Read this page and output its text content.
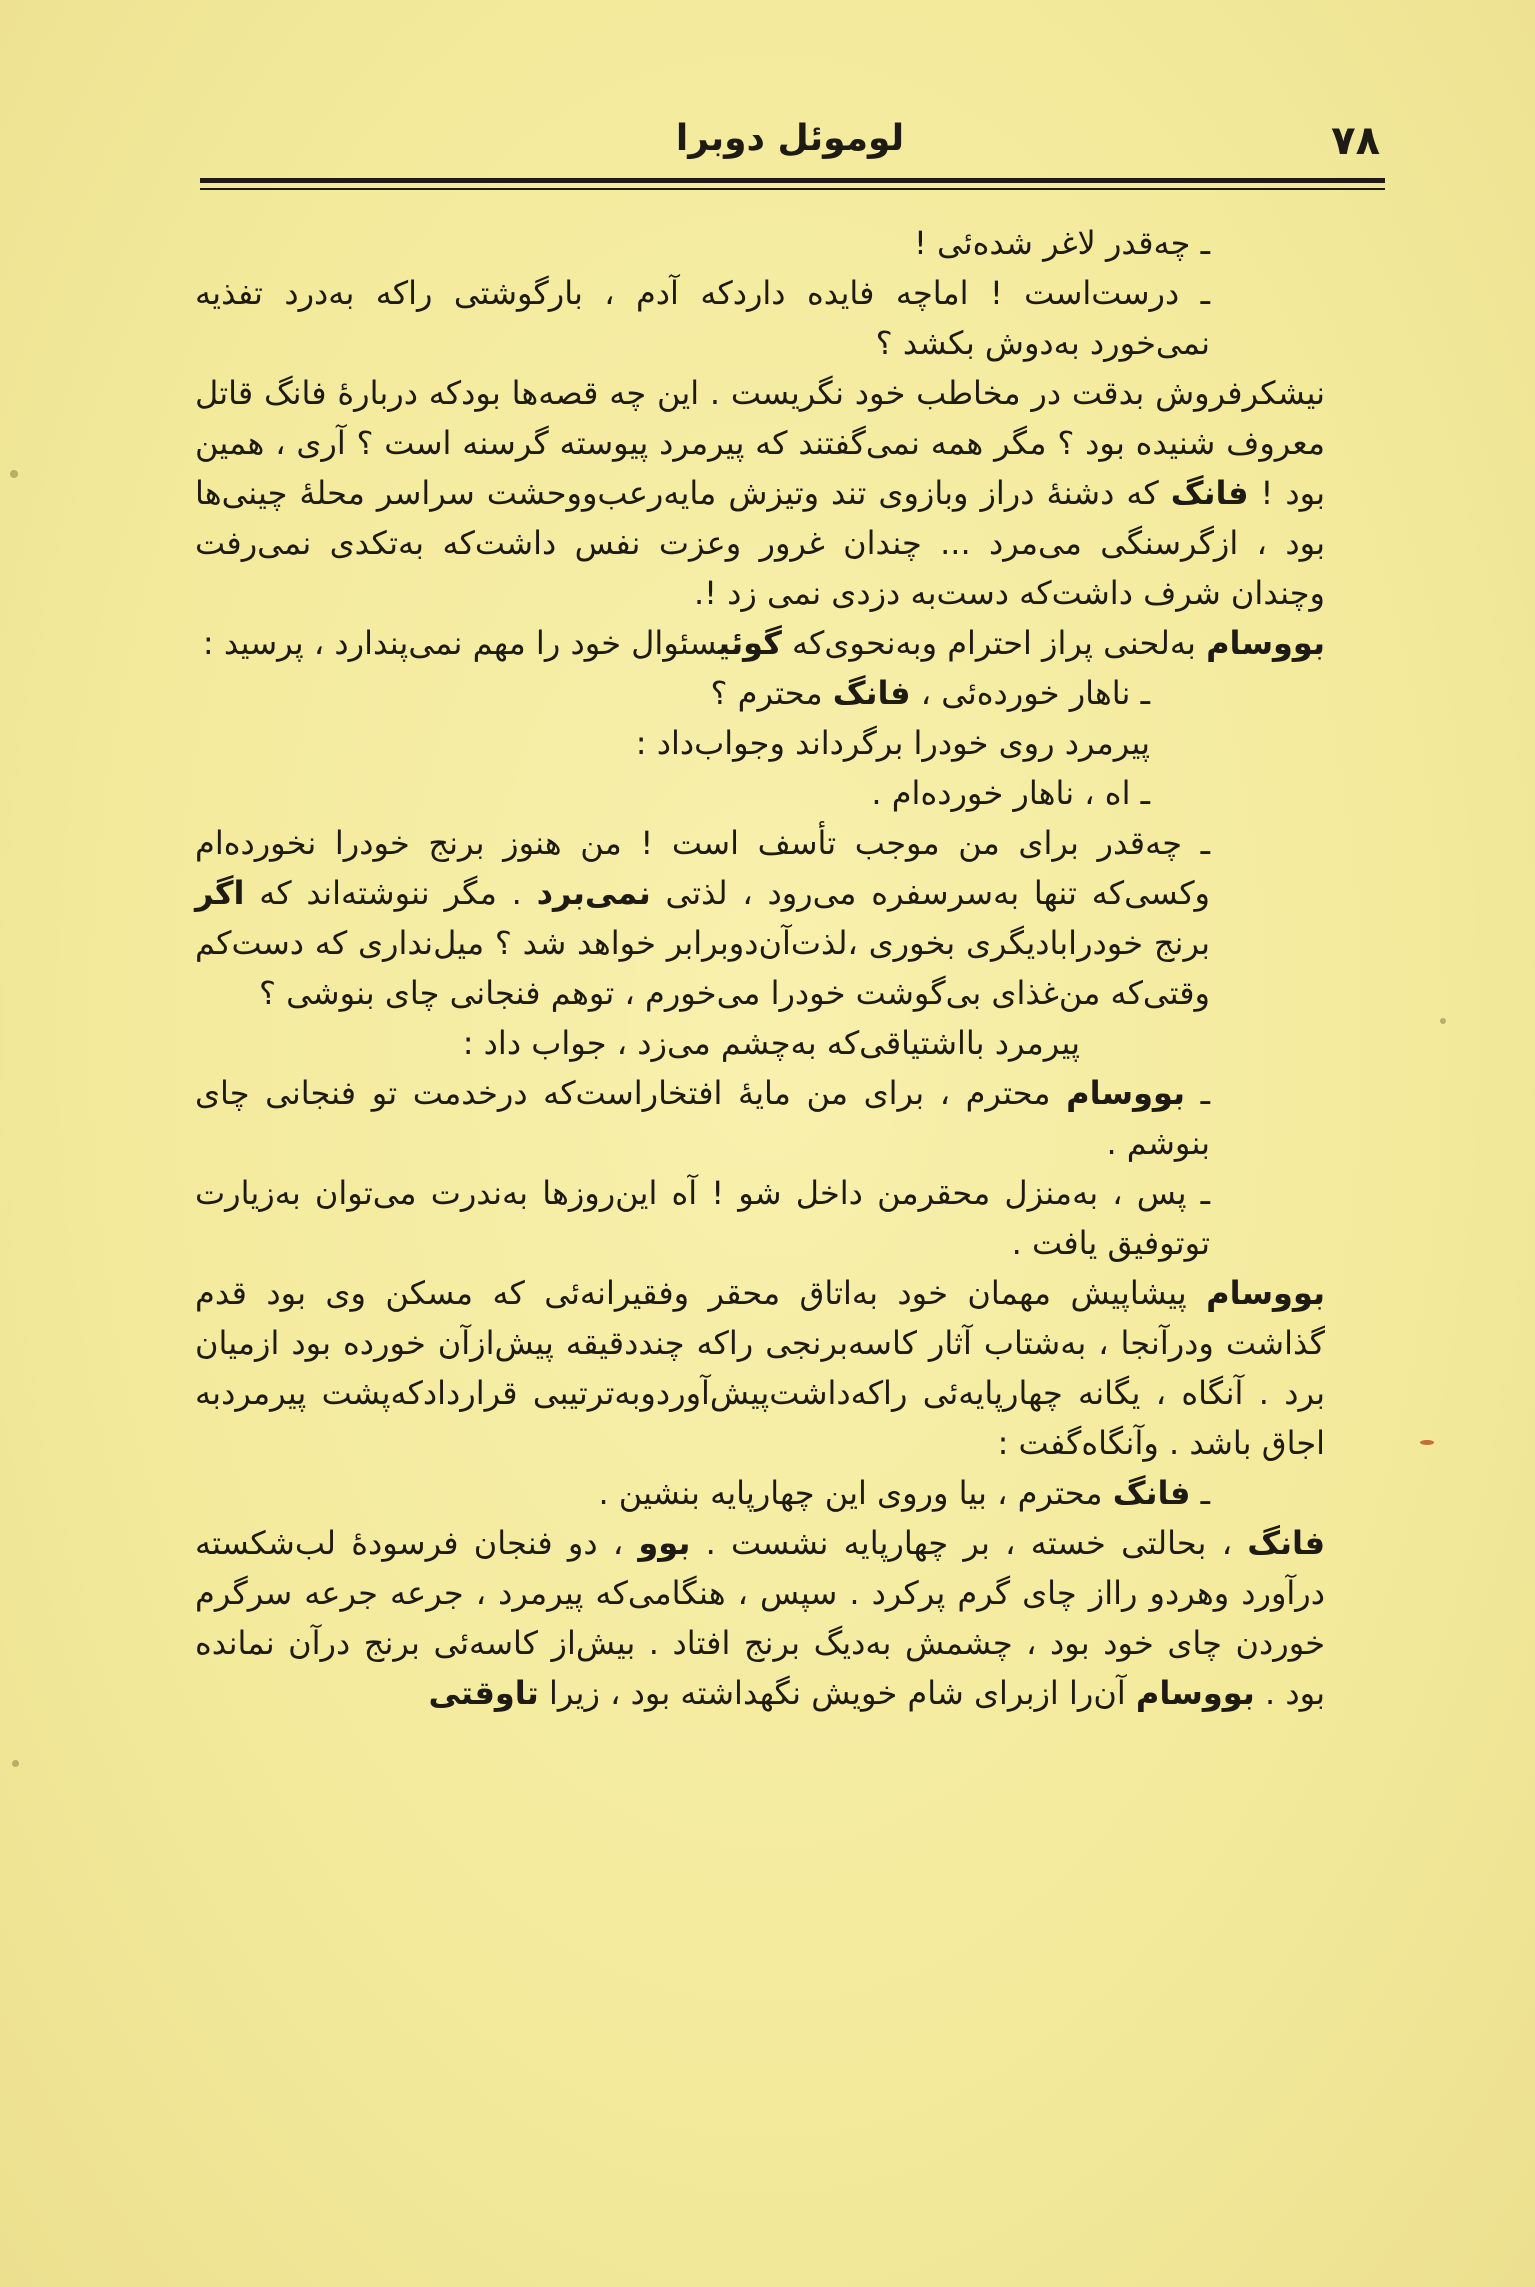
۷۸
لوموئل دوبرا

ـ چه‌قدر لاغر شده‌ئی !

ـ درست‌است ! اماچه فایده داردکه آدم ، بارگوشتی راکه به‌درد تفذیه نمی‌خورد به‌دوش بکشد ؟

نیشکرفروش بدقت در مخاطب خود نگریست . این چه قصه‌ها بودکه دربارهٔ فانگ قاتل معروف شنیده بود ؟ مگر همه نمی‌گفتند که پیرمرد پیوسته گرسنه است ؟ آری ، همین بود ! فانگ که دشنهٔ دراز وبازوی تند وتیزش مایه‌رعب‌ووحشت سراسر محلهٔ چینی‌ها بود ، ازگرسنگی می‌مرد ... چندان غرور وعزت نفس داشت‌که به‌تکدی نمی‌رفت وچندان شرف داشت‌که دست‌به دزدی نمی زد !.

بووسام به‌لحنی پراز احترام وبه‌نحوی‌که گوئیسئوال خود را مهم نمی‌پندارد ، پرسید :

ـ ناهار خورده‌ئی ، فانگ محترم ؟

پیرمرد روی خودرا برگرداند وجواب‌داد :

ـ اه ، ناهار خورده‌ام .

ـ چه‌قدر برای من موجب تأسف است ! من هنوز برنج خودرا نخورده‌ام وکسی‌که تنها به‌سرسفره می‌رود ، لذتی نمی‌برد . مگر ننوشته‌اند که اگر برنج خودرابادیگری بخوری ،لذت‌آن‌دوبرابر خواهد شد ؟ میل‌نداری که دست‌کم وقتی‌که من‌غذای بی‌گوشت خودرا می‌خورم ، توهم فنجانی چای بنوشی ؟

پیرمرد بااشتیاقی‌که به‌چشم می‌زد ، جواب داد :

ـ بووسام محترم ، برای من مایهٔ افتخاراست‌که درخدمت تو فنجانی چای بنوشم .

ـ پس ، به‌منزل محقرمن داخل شو ! آه این‌روزها به‌ندرت می‌توان به‌زیارت توتوفیق یافت .

بووسام پیشاپیش مهمان خود به‌اتاق محقر وفقیرانه‌ئی که مسکن وی بود قدم گذاشت ودرآنجا ، به‌شتاب آثار کاسه‌برنجی راکه چنددقیقه پیش‌ازآن خورده بود ازمیان برد . آنگاه ، یگانه چهارپایه‌ئی راکه‌داشت‌پیش‌آوردوبه‌ترتیبی قراردادکه‌پشت پیرمردبه اجاق باشد . وآنگاه‌گفت :

ـ فانگ محترم ، بیا وروی این چهارپایه بنشین .

فانگ ، بحالتی خسته ، بر چهارپایه نشست . بوو ، دو فنجان فرسودهٔ لب‌شکسته درآورد وهردو رااز چای گرم پرکرد . سپس ، هنگامی‌که پیرمرد ، جرعه جرعه سرگرم خوردن چای خود بود ، چشمش به‌دیگ برنج افتاد . بیش‌از کاسه‌ئی برنج درآن نمانده بود . بووسام آن‌را ازبرای شام خویش نگهداشته بود ، زیرا تاوقتی
